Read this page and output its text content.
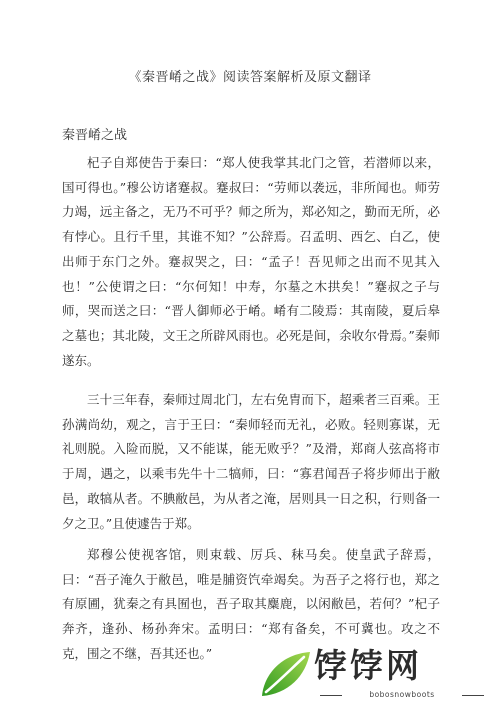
《秦晋崤之战》阅读答案解析及原文翻译
秦晋崤之战

杞子自郑使告于秦曰：“郑人使我掌其北门之管，若潜师以来，国可得也。”穆公访诸蹇叔。蹇叔曰：“劳师以袭远，非所闻也。师劳力竭，远主备之，无乃不可乎？师之所为，郑必知之，勤而无所，必有悖心。且行千里，其谁不知？”公辞焉。召孟明、西乞、白乙，使出师于东门之外。蹇叔哭之，曰：“孟子！吾见师之出而不见其入也！”公使谓之曰：“尔何知！中寿，尔墓之木拱矣！”蹇叔之子与师，哭而送之曰：“晋人御师必于崤。崤有二陵焉：其南陵，夏后皋之墓也；其北陵，文王之所辟风雨也。必死是间，余收尔骨焉。”秦师遂东。

三十三年春，秦师过周北门，左右免胄而下，超乘者三百乘。王孙满尚幼，观之，言于王曰：“秦师轻而无礼，必败。轻则寡谋，无礼则脱。入险而脱，又不能谋，能无败乎？”及滑，郑商人弦高将市于周，遇之，以乘韦先牛十二犒师，曰：“寡君闻吾子将步师出于敝邑，敢犒从者。不腆敝邑，为从者之淹，居则具一日之积，行则备一夕之卫。”且使遽告于郑。

郑穆公使视客馆，则束载、厉兵、秣马矣。使皇武子辞焉，曰：“吾子淹久于敝邑，唯是脯资饩牵竭矣。为吾子之将行也，郑之有原圃，犹秦之有具囿也，吾子取其麋鹿，以闲敝邑，若何？”杞子奔齐，逢孙、杨孙奔宋。孟明曰：“郑有备矣，不可冀也。攻之不克，围之不继，吾其还也。”	饽饽网
bobosnowboots
